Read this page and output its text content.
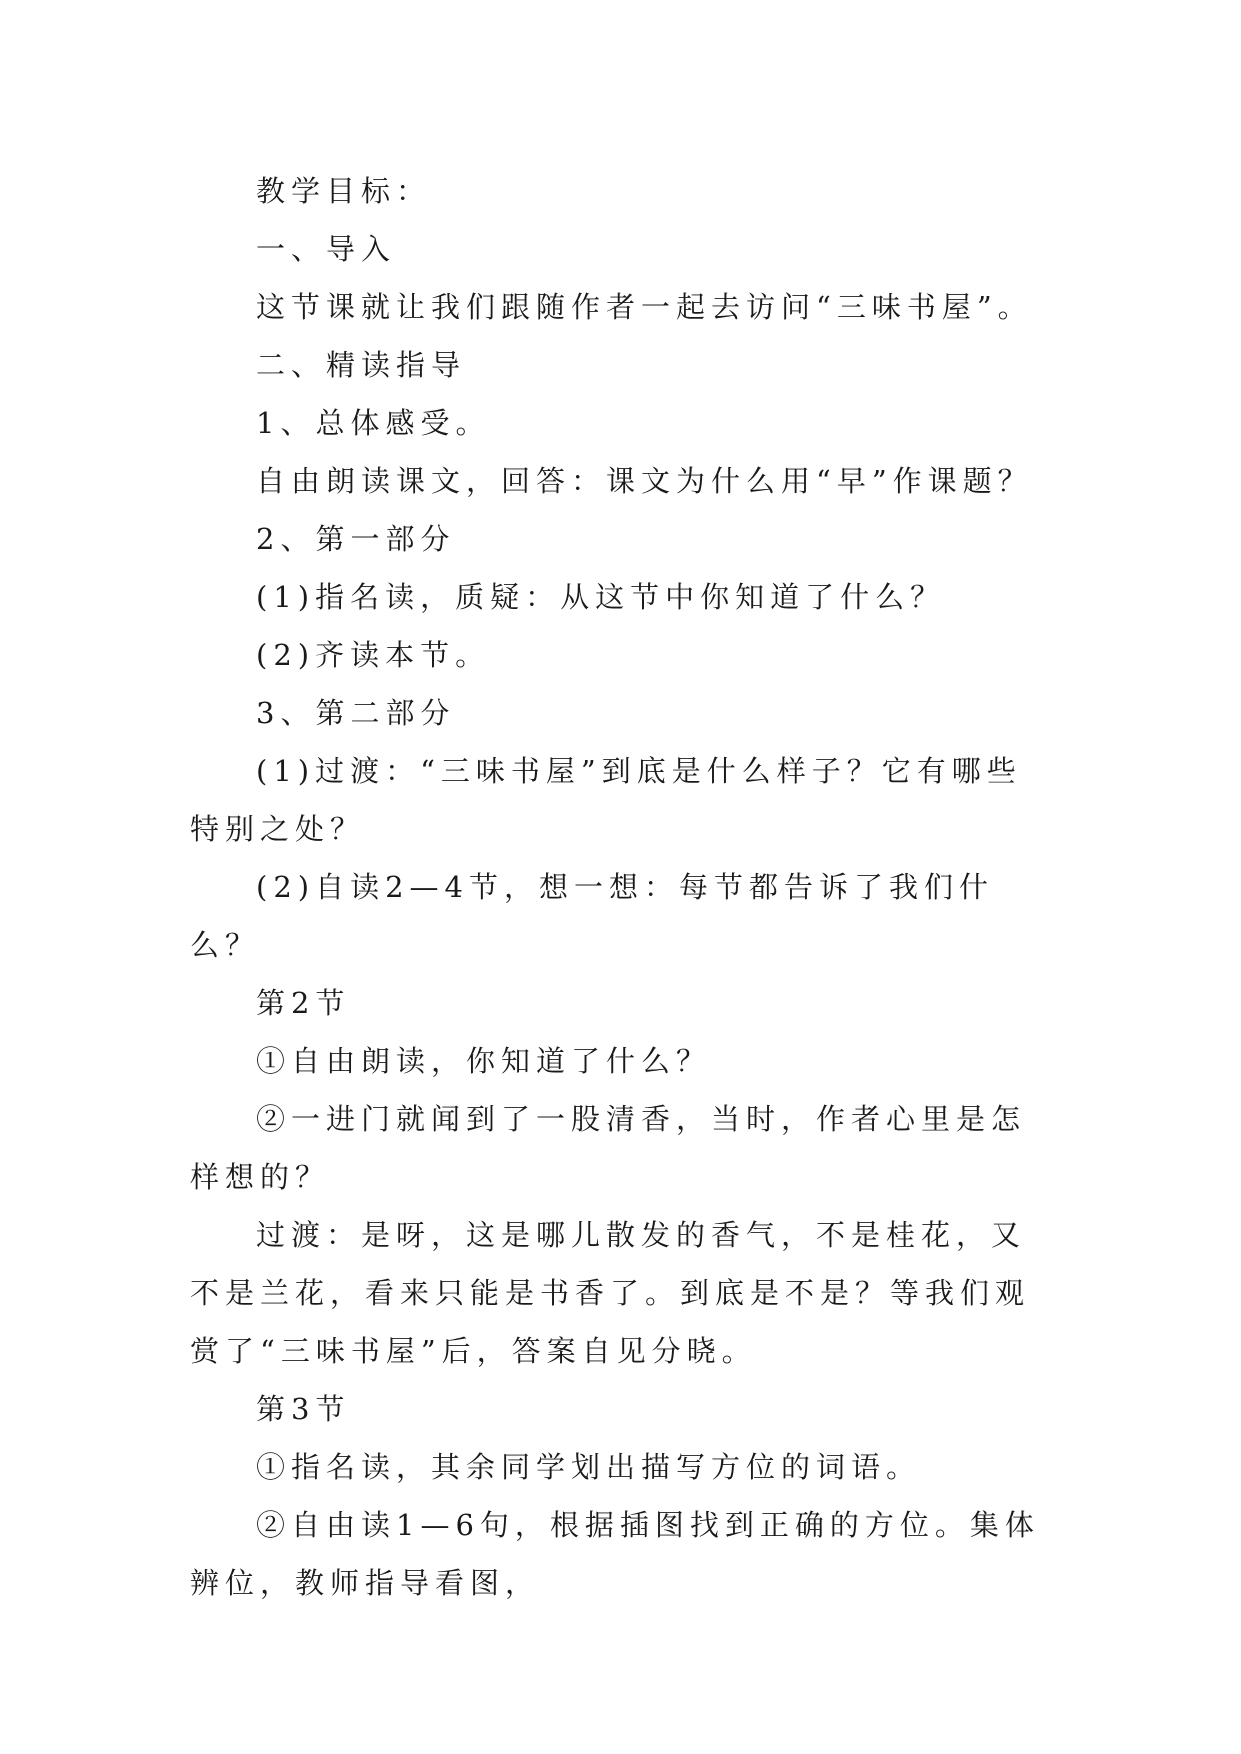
教学目标：

一、导入

这节课就让我们跟随作者一起去访问“三味书屋”。

二、精读指导

1、总体感受。

自由朗读课文，回答：课文为什么用“早”作课题？

2、第一部分

(1)指名读，质疑：从这节中你知道了什么？

(2)齐读本节。

3、第二部分

(1)过渡：“三味书屋”到底是什么样子？它有哪些特别之处？

(2)自读2—4节，想一想：每节都告诉了我们什么？

第2节

①自由朗读，你知道了什么？

②一进门就闻到了一股清香，当时，作者心里是怎样想的？

过渡：是呀，这是哪儿散发的香气，不是桂花，又不是兰花，看来只能是书香了。到底是不是？等我们观赏了“三味书屋”后，答案自见分晓。

第3节

①指名读，其余同学划出描写方位的词语。

②自由读1—6句，根据插图找到正确的方位。集体辨位，教师指导看图，
